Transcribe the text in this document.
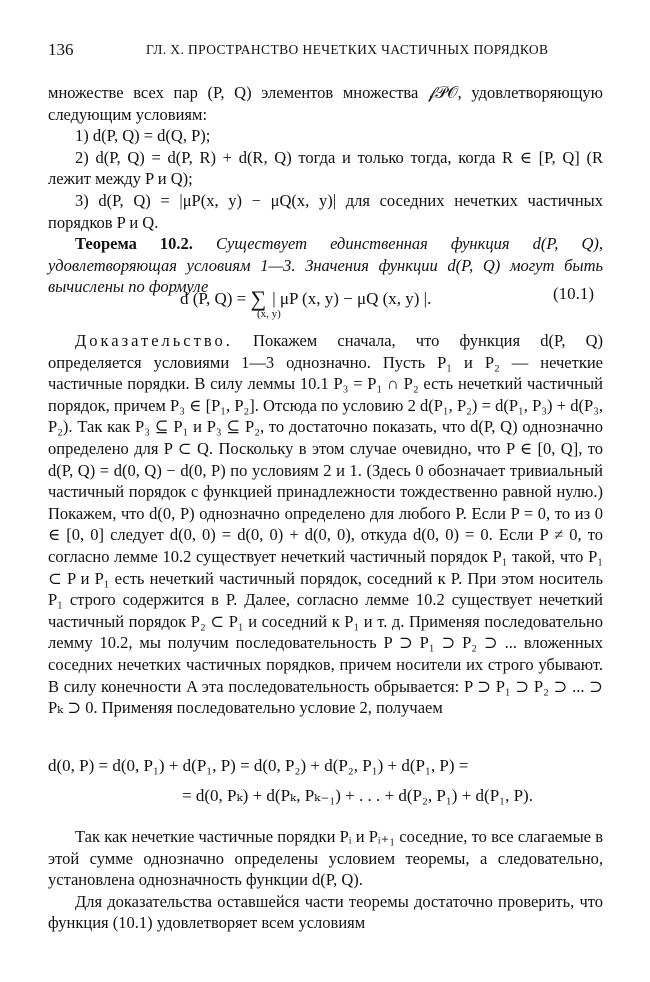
136	ГЛ. X. ПРОСТРАНСТВО НЕЧЕТКИХ ЧАСТИЧНЫХ ПОРЯДКОВ

множестве всех пар (P, Q) элементов множества 𝒻𝒫𝒪, удовлетворяющую следующим условиям:

1) d(P, Q) = d(Q, P);

2) d(P, Q) = d(P, R) + d(R, Q) тогда и только тогда, когда R ∈ [P, Q] (R лежит между P и Q);

3) d(P, Q) = |μP(x, y) − μQ(x, y)| для соседних нечетких частичных порядков P и Q.

Теорема 10.2. Существует единственная функция d(P, Q), удовлетворяющая условиям 1—3. Значения функции d(P, Q) могут быть вычислены по формуле

d (P, Q) = ∑ | μP (x, y) − μQ (x, y) |.
(x, y)
(10.1)

Доказательство. Покажем сначала, что функция d(P, Q) определяется условиями 1—3 однозначно. Пусть P₁ и P₂ — нечеткие частичные порядки. В силу леммы 10.1 P₃ = P₁ ∩ P₂ есть нечеткий частичный порядок, причем P₃ ∈ [P₁, P₂]. Отсюда по условию 2 d(P₁, P₂) = d(P₁, P₃) + d(P₃, P₂). Так как P₃ ⊆ P₁ и P₃ ⊆ P₂, то достаточно показать, что d(P, Q) однозначно определено для P ⊂ Q. Поскольку в этом случае очевидно, что P ∈ [0, Q], то d(P, Q) = d(0, Q) − d(0, P) по условиям 2 и 1. (Здесь 0 обозначает тривиальный частичный порядок с функцией принадлежности тождественно равной нулю.) Покажем, что d(0, P) однозначно определено для любого P. Если P = 0, то из 0 ∈ [0, 0] следует d(0, 0) = d(0, 0) + d(0, 0), откуда d(0, 0) = 0. Если P ≠ 0, то согласно лемме 10.2 существует нечеткий частичный порядок P₁ такой, что P₁ ⊂ P и P₁ есть нечеткий частичный порядок, соседний к P. При этом носитель P₁ строго содержится в P. Далее, согласно лемме 10.2 существует нечеткий частичный порядок P₂ ⊂ P₁ и соседний к P₁ и т. д. Применяя последовательно лемму 10.2, мы получим последовательность P ⊃ P₁ ⊃ P₂ ⊃ ... вложенных соседних нечетких частичных порядков, причем носители их строго убывают. В силу конечности A эта последовательность обрывается: P ⊃ P₁ ⊃ P₂ ⊃ ... ⊃ Pₖ ⊃ 0. Применяя последовательно условие 2, получаем

d(0, P) = d(0, P₁) + d(P₁, P) = d(0, P₂) + d(P₂, P₁) + d(P₁, P) =
= d(0, Pₖ) + d(Pₖ, Pₖ₋₁) + . . . + d(P₂, P₁) + d(P₁, P).

Так как нечеткие частичные порядки Pᵢ и Pᵢ₊₁ соседние, то все слагаемые в этой сумме однозначно определены условием теоремы, а следовательно, установлена однозначность функции d(P, Q).

Для доказательства оставшейся части теоремы достаточно проверить, что функция (10.1) удовлетворяет всем условиям
